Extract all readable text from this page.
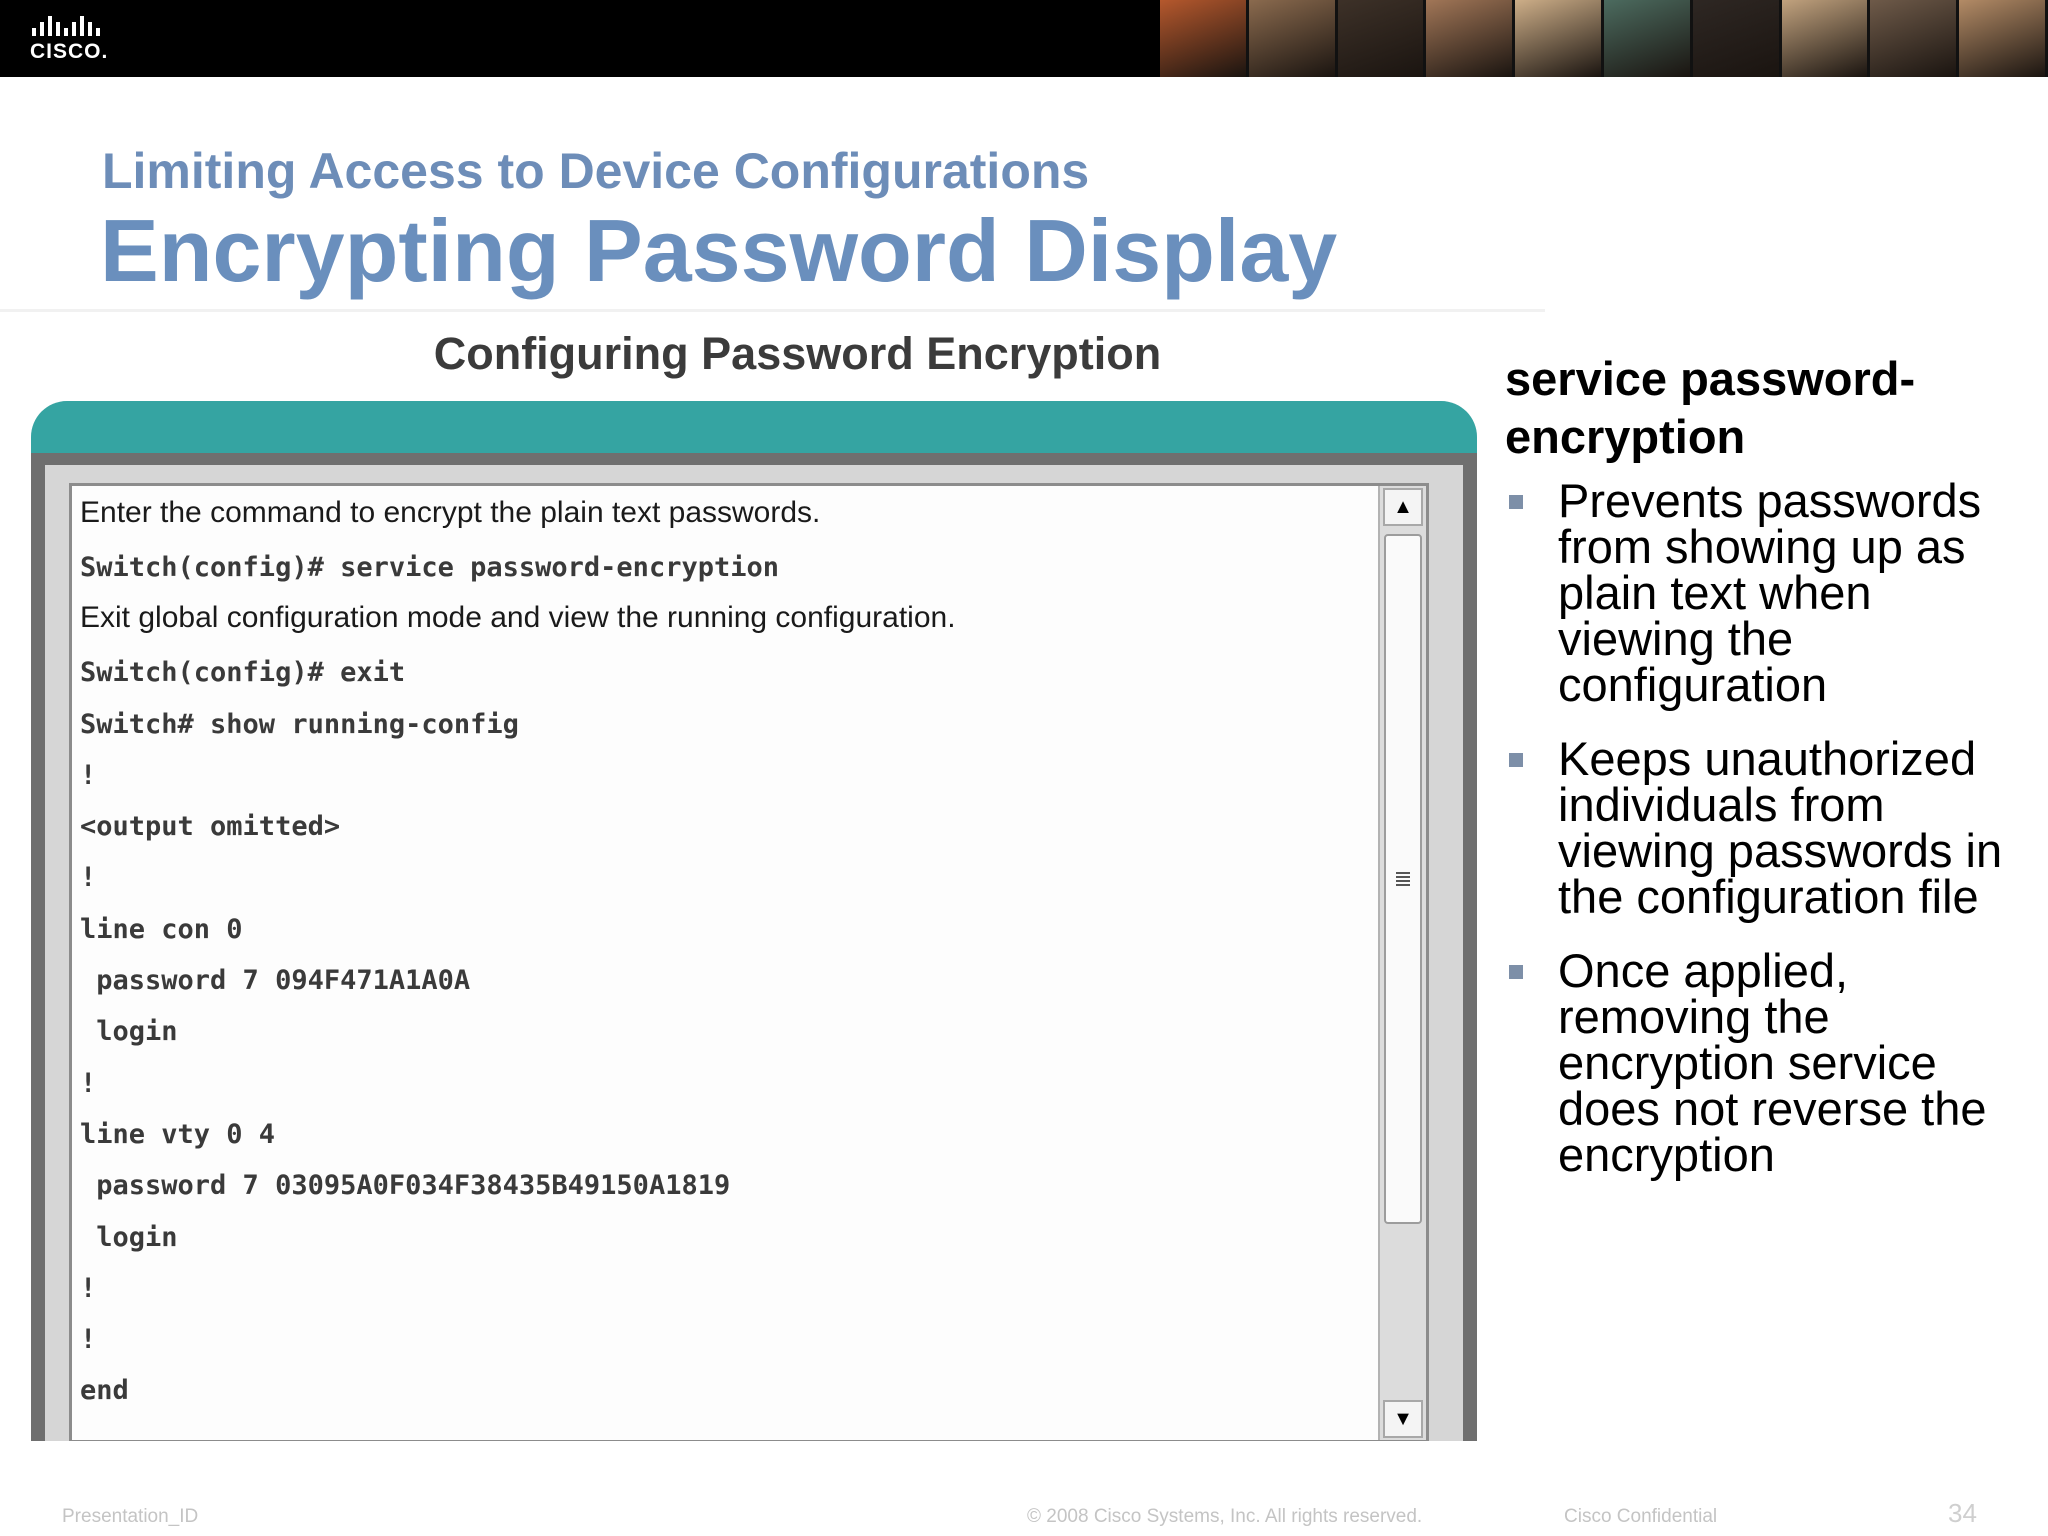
CISCO.
Limiting Access to Device Configurations
Encrypting Password Display
Configuring Password Encryption
Enter the command to encrypt the plain text passwords.
Switch(config)# service password-encryption
Exit global configuration mode and view the running configuration.
Switch(config)# exit
Switch# show running-config
!
<output omitted>
!
line con 0
password 7 094F471A1A0A
login
!
line vty 0 4
password 7 03095A0F034F38435B49150A1819
login
!
!
end
▲
▼
service password-encryption
Prevents passwords from showing up as plain text when viewing the configuration
Keeps unauthorized individuals from viewing passwords in the configuration file
Once applied, removing the encryption service does not reverse the encryption
Presentation_ID	© 2008 Cisco Systems, Inc. All rights reserved.	Cisco Confidential	34
